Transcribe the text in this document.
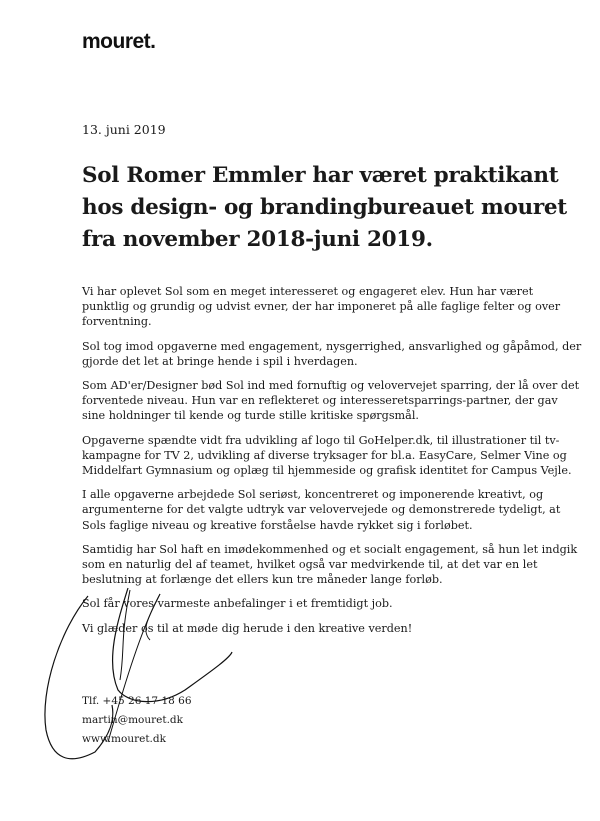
mouret.
13. juni 2019
Sol Romer Emmler har været praktikant hos design- og brandingbureauet mouret fra november 2018-juni 2019.

Vi har oplevet Sol som en meget interesseret og engageret elev. Hun har været punktlig og grundig og udvist evner, der har imponeret på alle faglige felter og over forventning.

Sol tog imod opgaverne med engagement, nysgerrighed, ansvarlighed og gåpåmod, der gjorde det let at bringe hende i spil i hverdagen.

Som AD'er/Designer bød Sol ind med fornuftig og velovervejet sparring, der lå over det forventede niveau. Hun var en reflekteret og interesseretsparrings-partner, der gav sine holdninger til kende og turde stille kritiske spørgsmål.

Opgaverne spændte vidt fra udvikling af logo til GoHelper.dk, til illustrationer til tv-kampagne for TV 2, udvikling af diverse tryksager for bl.a. EasyCare, Selmer Vine og Middelfart Gymnasium og oplæg til hjemmeside og grafisk identitet for Campus Vejle.

I alle opgaverne arbejdede Sol seriøst, koncentreret og imponerende kreativt, og argumenterne for det valgte udtryk var velovervejede og demonstrerede tydeligt, at Sols faglige niveau og kreative forståelse havde rykket sig i forløbet.

Samtidig har Sol haft en imødekommenhed og et socialt engagement, så hun let indgik som en naturlig del af teamet, hvilket også var medvirkende til, at det var en let beslutning at forlænge det ellers kun tre måneder lange forløb.

Sol får vores varmeste anbefalinger i et fremtidigt job.

Vi glæder os til at møde dig herude i den kreative verden!

Tlf. +45 26 17 18 66
martin@mouret.dk
www.mouret.dk
